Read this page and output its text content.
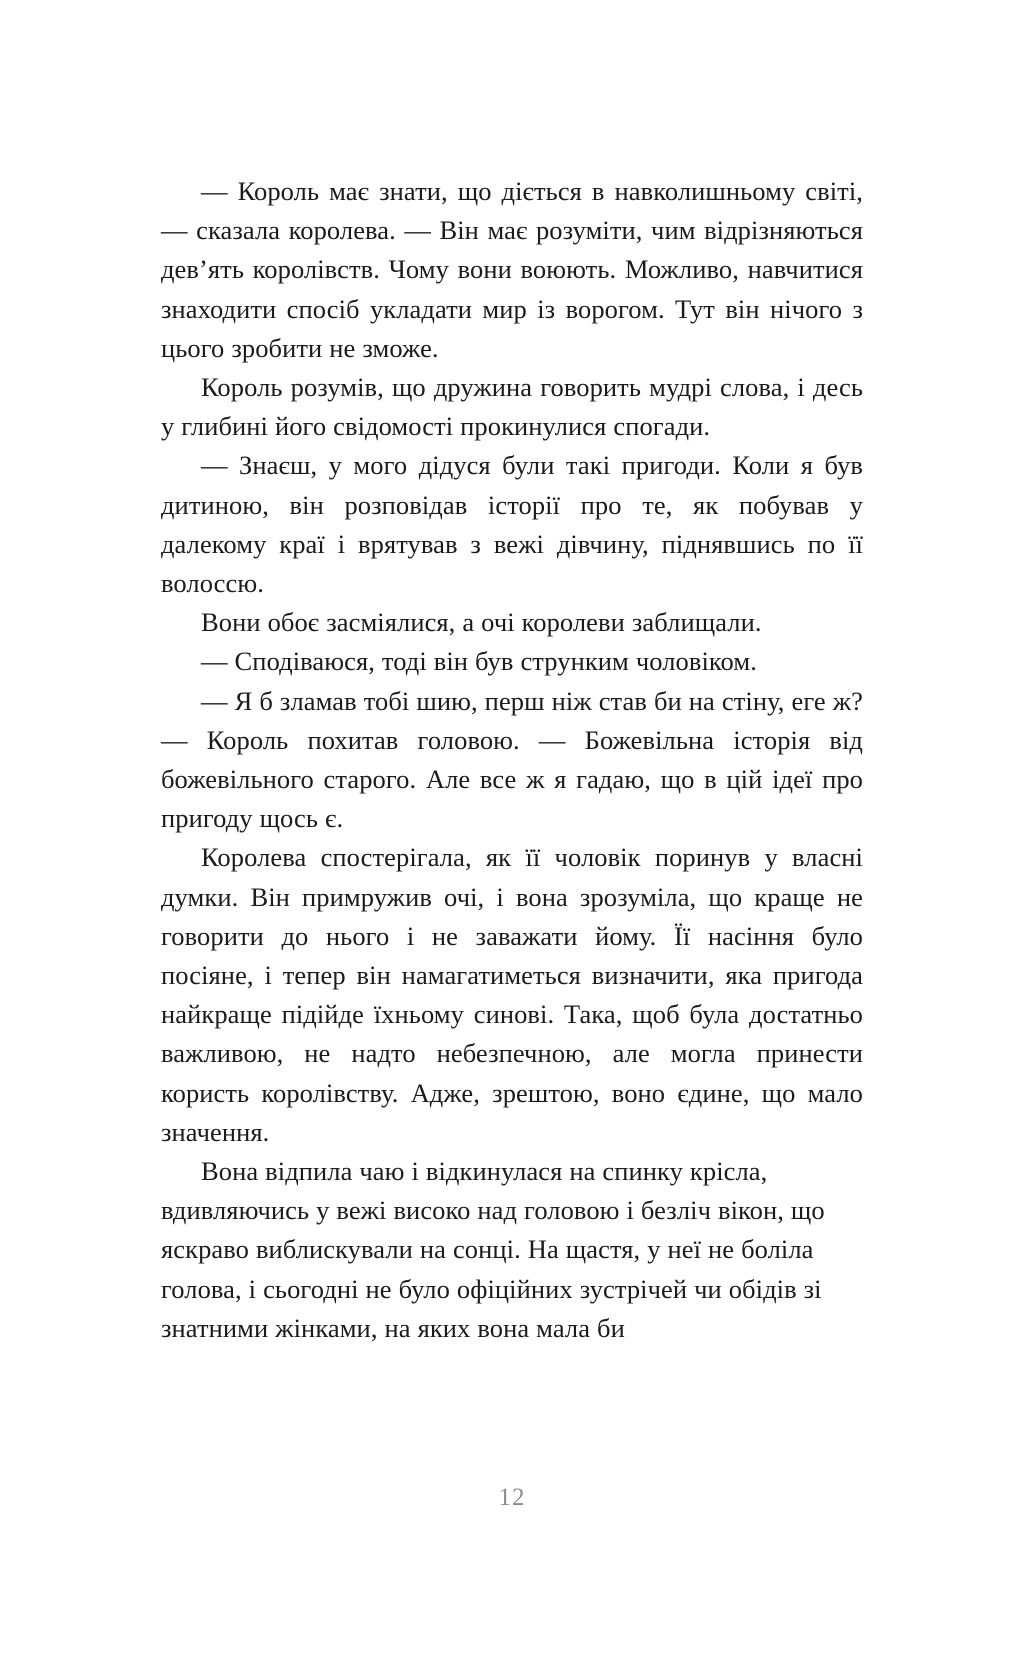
— Король має знати, що діється в навколишньому світі, — сказала королева. — Він має розуміти, чим відрізняються дев’ять королівств. Чому вони воюють. Можливо, навчитися знаходити спосіб укладати мир із ворогом. Тут він нічого з цього зробити не зможе.

Король розумів, що дружина говорить мудрі слова, і десь у глибині його свідомості прокинулися спогади.

— Знаєш, у мого дідуся були такі пригоди. Коли я був дитиною, він розповідав історії про те, як побував у далекому краї і врятував з вежі дівчину, піднявшись по її волоссю.

Вони обоє засміялися, а очі королеви заблищали.

— Сподіваюся, тоді він був струнким чоловіком.

— Я б зламав тобі шию, перш ніж став би на стіну, еге ж? — Король похитав головою. — Божевільна історія від божевільного старого. Але все ж я гадаю, що в цій ідеї про пригоду щось є.

Королева спостерігала, як її чоловік поринув у власні думки. Він примружив очі, і вона зрозуміла, що краще не говорити до нього і не заважати йому. Її насіння було посіяне, і тепер він намагатиметься визначити, яка пригода найкраще підійде їхньому синові. Така, щоб була достатньо важливою, не надто небезпечною, але могла принести користь королівству. Адже, зрештою, воно єдине, що мало значення.

Вона відпила чаю і відкинулася на спинку крісла, вдивляючись у вежі високо над головою і безліч вікон, що яскраво виблискували на сонці. На щастя, у неї не боліла голова, і сьогодні не було офіційних зустрічей чи обідів зі знатними жінками, на яких вона мала би

12
